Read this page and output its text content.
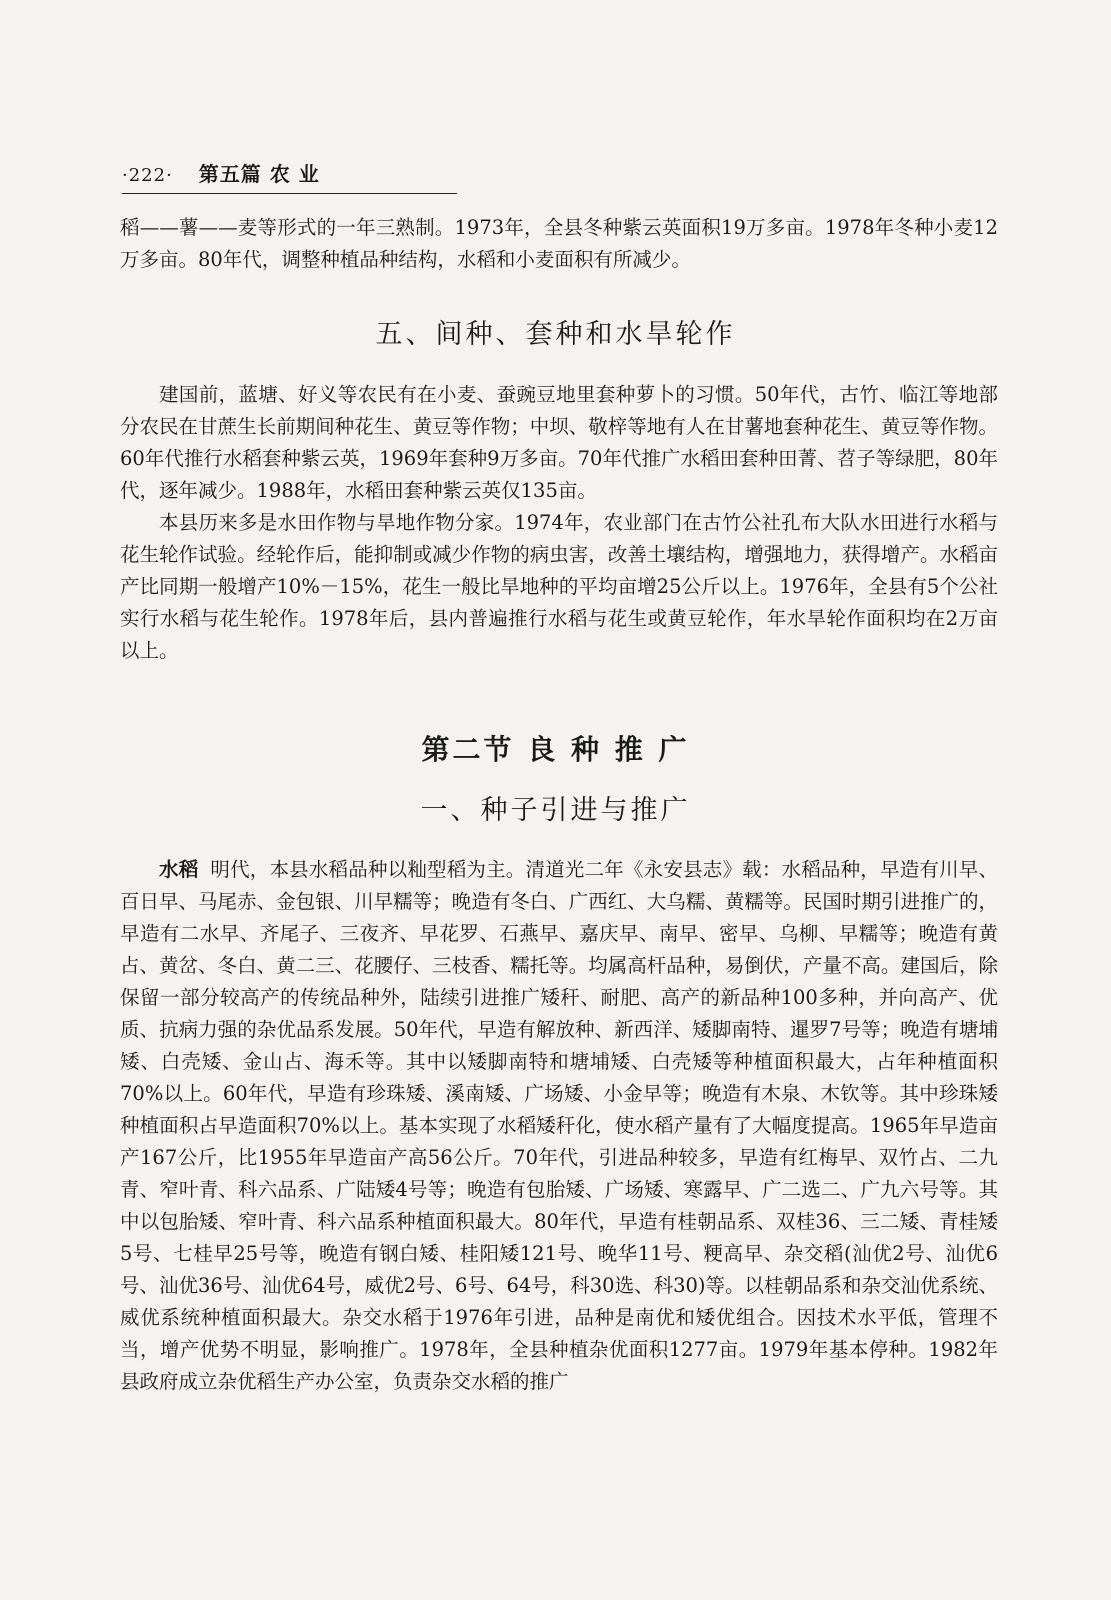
·222· 第五篇 农 业

稻——薯——麦等形式的一年三熟制。1973年，全县冬种紫云英面积19万多亩。1978年冬种小麦12万多亩。80年代，调整种植品种结构，水稻和小麦面积有所减少。

五、间种、套种和水旱轮作

建国前，蓝塘、好义等农民有在小麦、蚕豌豆地里套种萝卜的习惯。50年代，古竹、临江等地部分农民在甘蔗生长前期间种花生、黄豆等作物；中坝、敬梓等地有人在甘薯地套种花生、黄豆等作物。60年代推行水稻套种紫云英，1969年套种9万多亩。70年代推广水稻田套种田菁、苕子等绿肥，80年代，逐年减少。1988年，水稻田套种紫云英仅135亩。

本县历来多是水田作物与旱地作物分家。1974年，农业部门在古竹公社孔布大队水田进行水稻与花生轮作试验。经轮作后，能抑制或减少作物的病虫害，改善土壤结构，增强地力，获得增产。水稻亩产比同期一般增产10%－15%，花生一般比旱地种的平均亩增25公斤以上。1976年，全县有5个公社实行水稻与花生轮作。1978年后，县内普遍推行水稻与花生或黄豆轮作，年水旱轮作面积均在2万亩以上。

第二节 良 种 推 广
一、种子引进与推广

水稻 明代，本县水稻品种以籼型稻为主。清道光二年《永安县志》载：水稻品种，早造有川早、百日早、马尾赤、金包银、川早糯等；晚造有冬白、广西红、大乌糯、黄糯等。民国时期引进推广的，早造有二水早、齐尾子、三夜齐、早花罗、石燕早、嘉庆早、南早、密早、乌柳、早糯等；晚造有黄占、黄岔、冬白、黄二三、花腰仔、三枝香、糯托等。均属高杆品种，易倒伏，产量不高。建国后，除保留一部分较高产的传统品种外，陆续引进推广矮秆、耐肥、高产的新品种100多种，并向高产、优质、抗病力强的杂优品系发展。50年代，早造有解放种、新西洋、矮脚南特、暹罗7号等；晚造有塘埔矮、白壳矮、金山占、海禾等。其中以矮脚南特和塘埔矮、白壳矮等种植面积最大，占年种植面积70%以上。60年代，早造有珍珠矮、溪南矮、广场矮、小金早等；晚造有木泉、木钦等。其中珍珠矮种植面积占早造面积70%以上。基本实现了水稻矮秆化，使水稻产量有了大幅度提高。1965年早造亩产167公斤，比1955年早造亩产高56公斤。70年代，引进品种较多，早造有红梅早、双竹占、二九青、窄叶青、科六品系、广陆矮4号等；晚造有包胎矮、广场矮、寒露早、广二选二、广九六号等。其中以包胎矮、窄叶青、科六品系种植面积最大。80年代，早造有桂朝品系、双桂36、三二矮、青桂矮5号、七桂早25号等，晚造有钢白矮、桂阳矮121号、晚华11号、粳高早、杂交稻(汕优2号、汕优6号、汕优36号、汕优64号，威优2号、6号、64号，科30选、科30)等。以桂朝品系和杂交汕优系统、威优系统种植面积最大。杂交水稻于1976年引进，品种是南优和矮优组合。因技术水平低，管理不当，增产优势不明显，影响推广。1978年，全县种植杂优面积1277亩。1979年基本停种。1982年县政府成立杂优稻生产办公室，负责杂交水稻的推广
